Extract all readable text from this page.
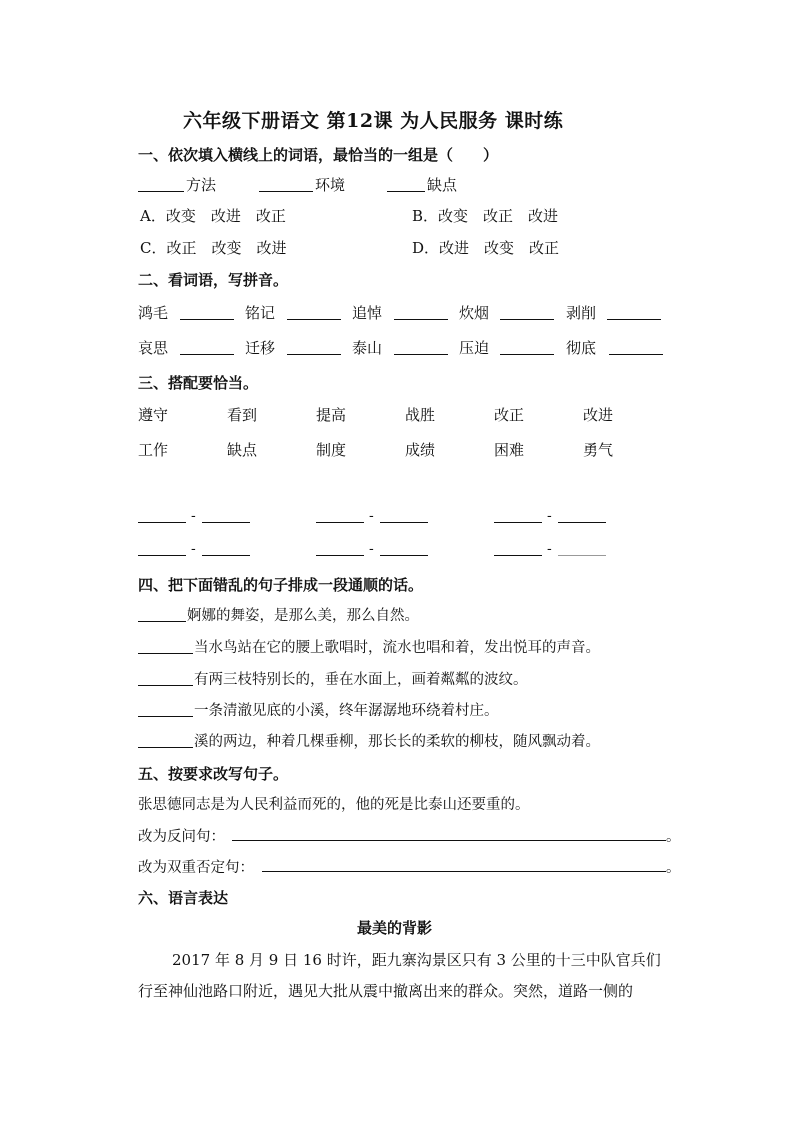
六年级下册语文 第12课 为人民服务 课时练
一、依次填入横线上的词语，最恰当的一组是（　　）
方法	环境	缺点
A．改变　改进　改正	B．改变　改正　改进
C．改正　改变　改进	D．改进　改变　改正
二、看词语，写拼音。
鸿毛	铭记	追悼	炊烟	剥削
哀思	迁移	泰山	压迫	彻底
三、搭配要恰当。
遵守	看到	提高	战胜	改正	改进
工作	缺点	制度	成绩	困难	勇气
-	-	-
-	-	-
四、把下面错乱的句子排成一段通顺的话。
婀娜的舞姿，是那么美，那么自然。
当水鸟站在它的腰上歌唱时，流水也唱和着，发出悦耳的声音。
有两三枝特别长的，垂在水面上，画着粼粼的波纹。
一条清澈见底的小溪，终年潺潺地环绕着村庄。
溪的两边，种着几棵垂柳，那长长的柔软的柳枝，随风飘动着。
五、按要求改写句子。
张思德同志是为人民利益而死的，他的死是比泰山还要重的。
改为反问句：	。
改为双重否定句：	。
六、语言表达
最美的背影
2017 年 8 月 9 日 16 时许，距九寨沟景区只有 3 公里的十三中队官兵们
行至神仙池路口附近，遇见大批从震中撤离出来的群众。突然，道路一侧的
